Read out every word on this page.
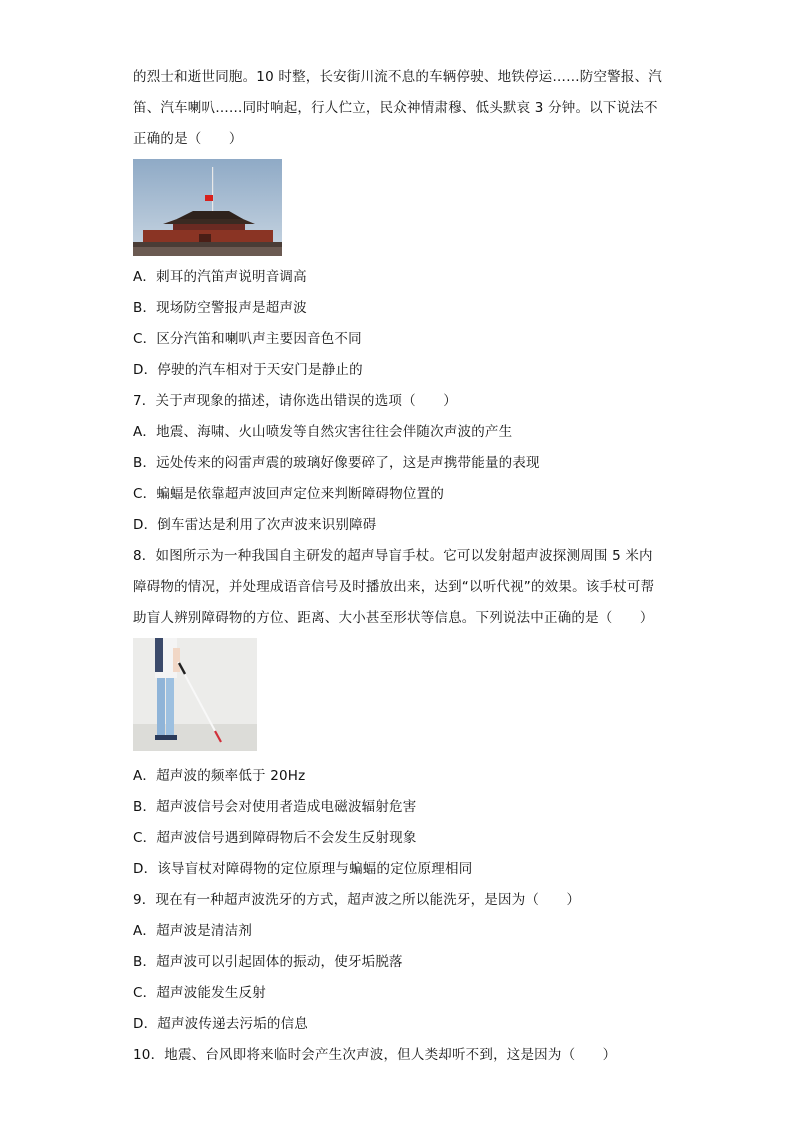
的烈士和逝世同胞。10 时整，长安街川流不息的车辆停驶、地铁停运……防空警报、汽
笛、汽车喇叭……同时响起，行人伫立，民众神情肃穆、低头默哀 3 分钟。以下说法不
正确的是（　　）
A．刺耳的汽笛声说明音调高
B．现场防空警报声是超声波
C．区分汽笛和喇叭声主要因音色不同
D．停驶的汽车相对于天安门是静止的
7．关于声现象的描述，请你选出错误的选项（　　）
A．地震、海啸、火山喷发等自然灾害往往会伴随次声波的产生
B．远处传来的闷雷声震的玻璃好像要碎了，这是声携带能量的表现
C．蝙蝠是依靠超声波回声定位来判断障碍物位置的
D．倒车雷达是利用了次声波来识别障碍
8．如图所示为一种我国自主研发的超声导盲手杖。它可以发射超声波探测周围 5 米内
障碍物的情况，并处理成语音信号及时播放出来，达到“以听代视”的效果。该手杖可帮
助盲人辨别障碍物的方位、距离、大小甚至形状等信息。下列说法中正确的是（　　）
A．超声波的频率低于 20Hz
B．超声波信号会对使用者造成电磁波辐射危害
C．超声波信号遇到障碍物后不会发生反射现象
D．该导盲杖对障碍物的定位原理与蝙蝠的定位原理相同
9．现在有一种超声波洗牙的方式，超声波之所以能洗牙，是因为（　　）
A．超声波是清洁剂
B．超声波可以引起固体的振动，使牙垢脱落
C．超声波能发生反射
D．超声波传递去污垢的信息
10．地震、台风即将来临时会产生次声波，但人类却听不到，这是因为（　　）
